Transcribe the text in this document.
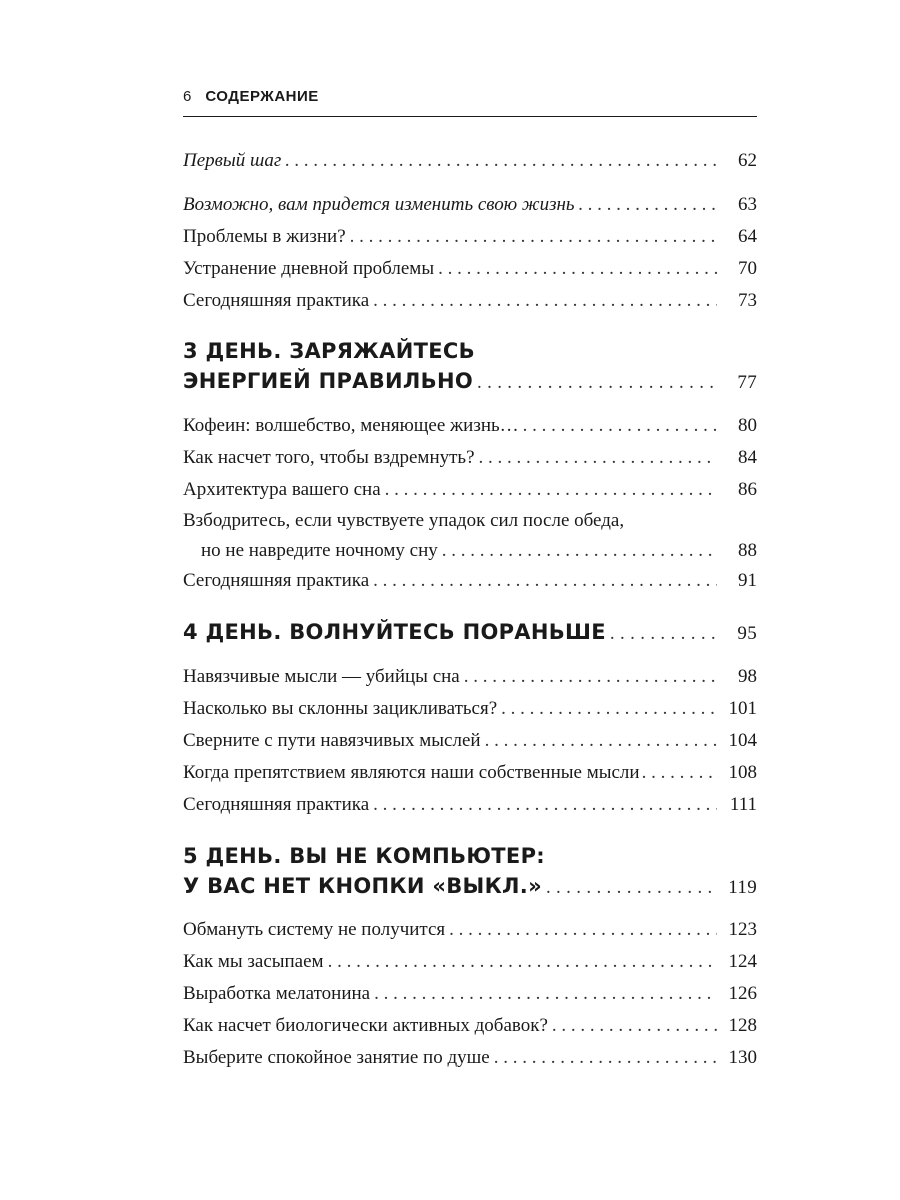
6 СОДЕРЖАНИЕ
Первый шаг . . .	62
Возможно, вам придется изменить свою жизнь . . .	63
Проблемы в жизни? . . .	64
Устранение дневной проблемы . . .	70
Сегодняшняя практика . . .	73
3 ДЕНЬ. ЗАРЯЖАЙТЕСЬ
ЭНЕРГИЕЙ ПРАВИЛЬНО . . .	77
Кофеин: волшебство, меняющее жизнь… . . .	80
Как насчет того, чтобы вздремнуть? . . .	84
Архитектура вашего сна . . .	86
Взбодритесь, если чувствуете упадок сил после обеда,
но не навредите ночному сну . . .	88
Сегодняшняя практика . . .	91
4 ДЕНЬ. ВОЛНУЙТЕСЬ ПОРАНЬШЕ . . .	95
Навязчивые мысли — убийцы сна . . .	98
Насколько вы склонны зацикливаться? . . .	101
Сверните с пути навязчивых мыслей . . .	104
Когда препятствием являются наши собственные мысли . . .	108
Сегодняшняя практика . . .	111
5 ДЕНЬ. ВЫ НЕ КОМПЬЮТЕР:
У ВАС НЕТ КНОПКИ «ВЫКЛ.» . . .	119
Обмануть систему не получится . . .	123
Как мы засыпаем . . .	124
Выработка мелатонина . . .	126
Как насчет биологически активных добавок? . . .	128
Выберите спокойное занятие по душе . . .	130
